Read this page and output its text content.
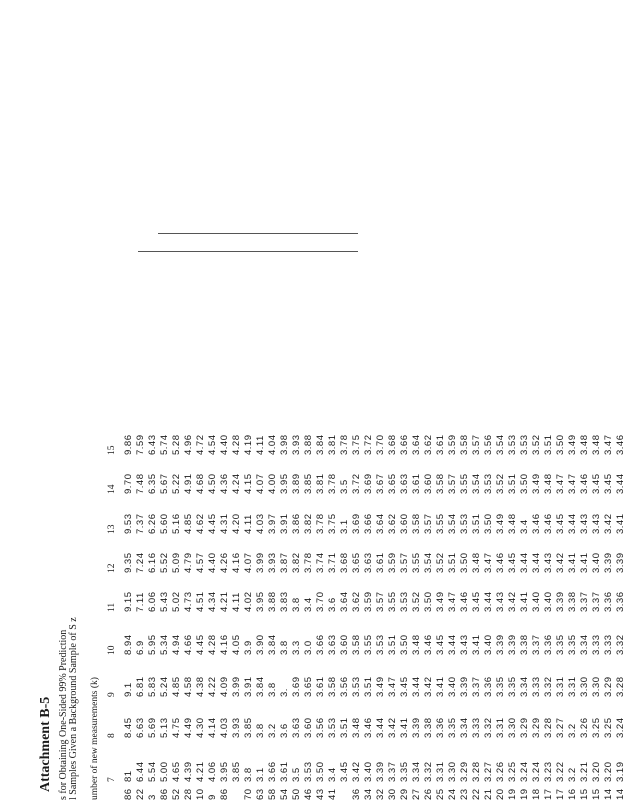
Attachment B-5 s for Obtaining One-Sided 99% Prediction l Samples Given a Background Sample of S z umber of new measurements (k) 7
8
9
10
11
12
13
14
15
86
81
8.45
9.1
8.94
9.15
9.35
9.53
9.70
9.86
22
6.44
6.63
6.81
6.9
7.11
7.24
7.37
7.48
7.59
3
5.54
5.69
5.83
5.95
6.06
6.16
6.26
6.35
6.43
86
5.00
5.13
5.24
5.34
5.43
5.52
5.60
5.67
5.74
52
4.65
4.75
4.85
4.94
5.02
5.09
5.16
5.22
5.28
28
4.39
4.49
4.58
4.66
4.73
4.79
4.85
4.91
4.96
10
4.21
4.30
4.38
4.45
4.51
4.57
4.62
4.68
4.72
9
4.06
4.14
4.22
4.28
4.34
4.40
4.45
4.50
4.54
86
3.95
4.03
4.09
4.16
4.21
4.26
4.31
4.36
4.40
3.85
3.93
3.99
4.05
4.11
4.16
4.20
4.24
4.28
70
3.8
3.85
3.91
3.9
4.02
4.07
4.11
4.15
4.19
63
3.1
3.8
3.84
3.90
3.95
3.99
4.03
4.07
4.11
58
3.66
3.2
3.8
3.84
3.88
3.93
3.97
4.00
4.04
54
3.61
3.6
3.
3.8
3.83
3.87
3.91
3.95
3.98
50
3.5
3.63
3.69
3.3
3.8
3.82
3.86
3.89
3.93
46
3.53
3.60
3.65
3.0
3.4
3.78
3.82
3.85
3.88
43
3.50
3.56
3.61
3.66
3.70
3.74
3.78
3.81
3.84
41
3.4
3.53
3.58
3.63
3.6
3.71
3.75
3.78
3.81
3.45
3.51
3.56
3.60
3.64
3.68
3.1
3.5
3.78
36
3.42
3.48
3.53
3.58
3.62
3.65
3.69
3.72
3.75
34
3.40
3.46
3.51
3.55
3.59
3.63
3.66
3.69
3.72
32
3.39
3.44
3.49
3.53
3.57
3.61
3.64
3.67
3.70
30
3.37
3.42
3.47
3.51
3.55
3.59
3.62
3.65
3.68
29
3.35
3.41
3.45
3.50
3.53
3.57
3.60
3.63
3.66
27
3.34
3.39
3.44
3.48
3.52
3.55
3.58
3.61
3.64
26
3.32
3.38
3.42
3.46
3.50
3.54
3.57
3.60
3.62
25
3.31
3.36
3.41
3.45
3.49
3.52
3.55
3.58
3.61
24
3.30
3.35
3.40
3.44
3.47
3.51
3.54
3.57
3.59
23
3.29
3.34
3.39
3.43
3.46
3.50
3.53
3.55
3.58
22
3.28
3.33
3.37
3.41
3.45
3.48
3.51
3.54
3.57
21
3.27
3.32
3.36
3.40
3.44
3.47
3.50
3.53
3.56
20
3.26
3.31
3.35
3.39
3.43
3.46
3.49
3.52
3.54
19
3.25
3.30
3.35
3.39
3.42
3.45
3.48
3.51
3.53
19
3.24
3.29
3.34
3.38
3.41
3.44
3.4
3.50
3.53
18
3.24
3.29
3.33
3.37
3.40
3.44
3.46
3.49
3.52
17
3.23
3.28
3.32
3.36
3.40
3.43
3.46
3.48
3.51
17
3.22
3.27
3.31
3.35
3.39
3.42
3.45
3.47
3.50
16
3.2
3.2
3.31
3.35
3.38
3.41
3.44
3.47
3.49
15
3.21
3.26
3.30
3.34
3.37
3.41
3.43
3.46
3.48
15
3.20
3.25
3.30
3.33
3.37
3.40
3.43
3.45
3.48
14
3.20
3.25
3.29
3.33
3.36
3.39
3.42
3.45
3.47
14
3.19
3.24
3.28
3.32
3.36
3.39
3.41
3.44
3.46
